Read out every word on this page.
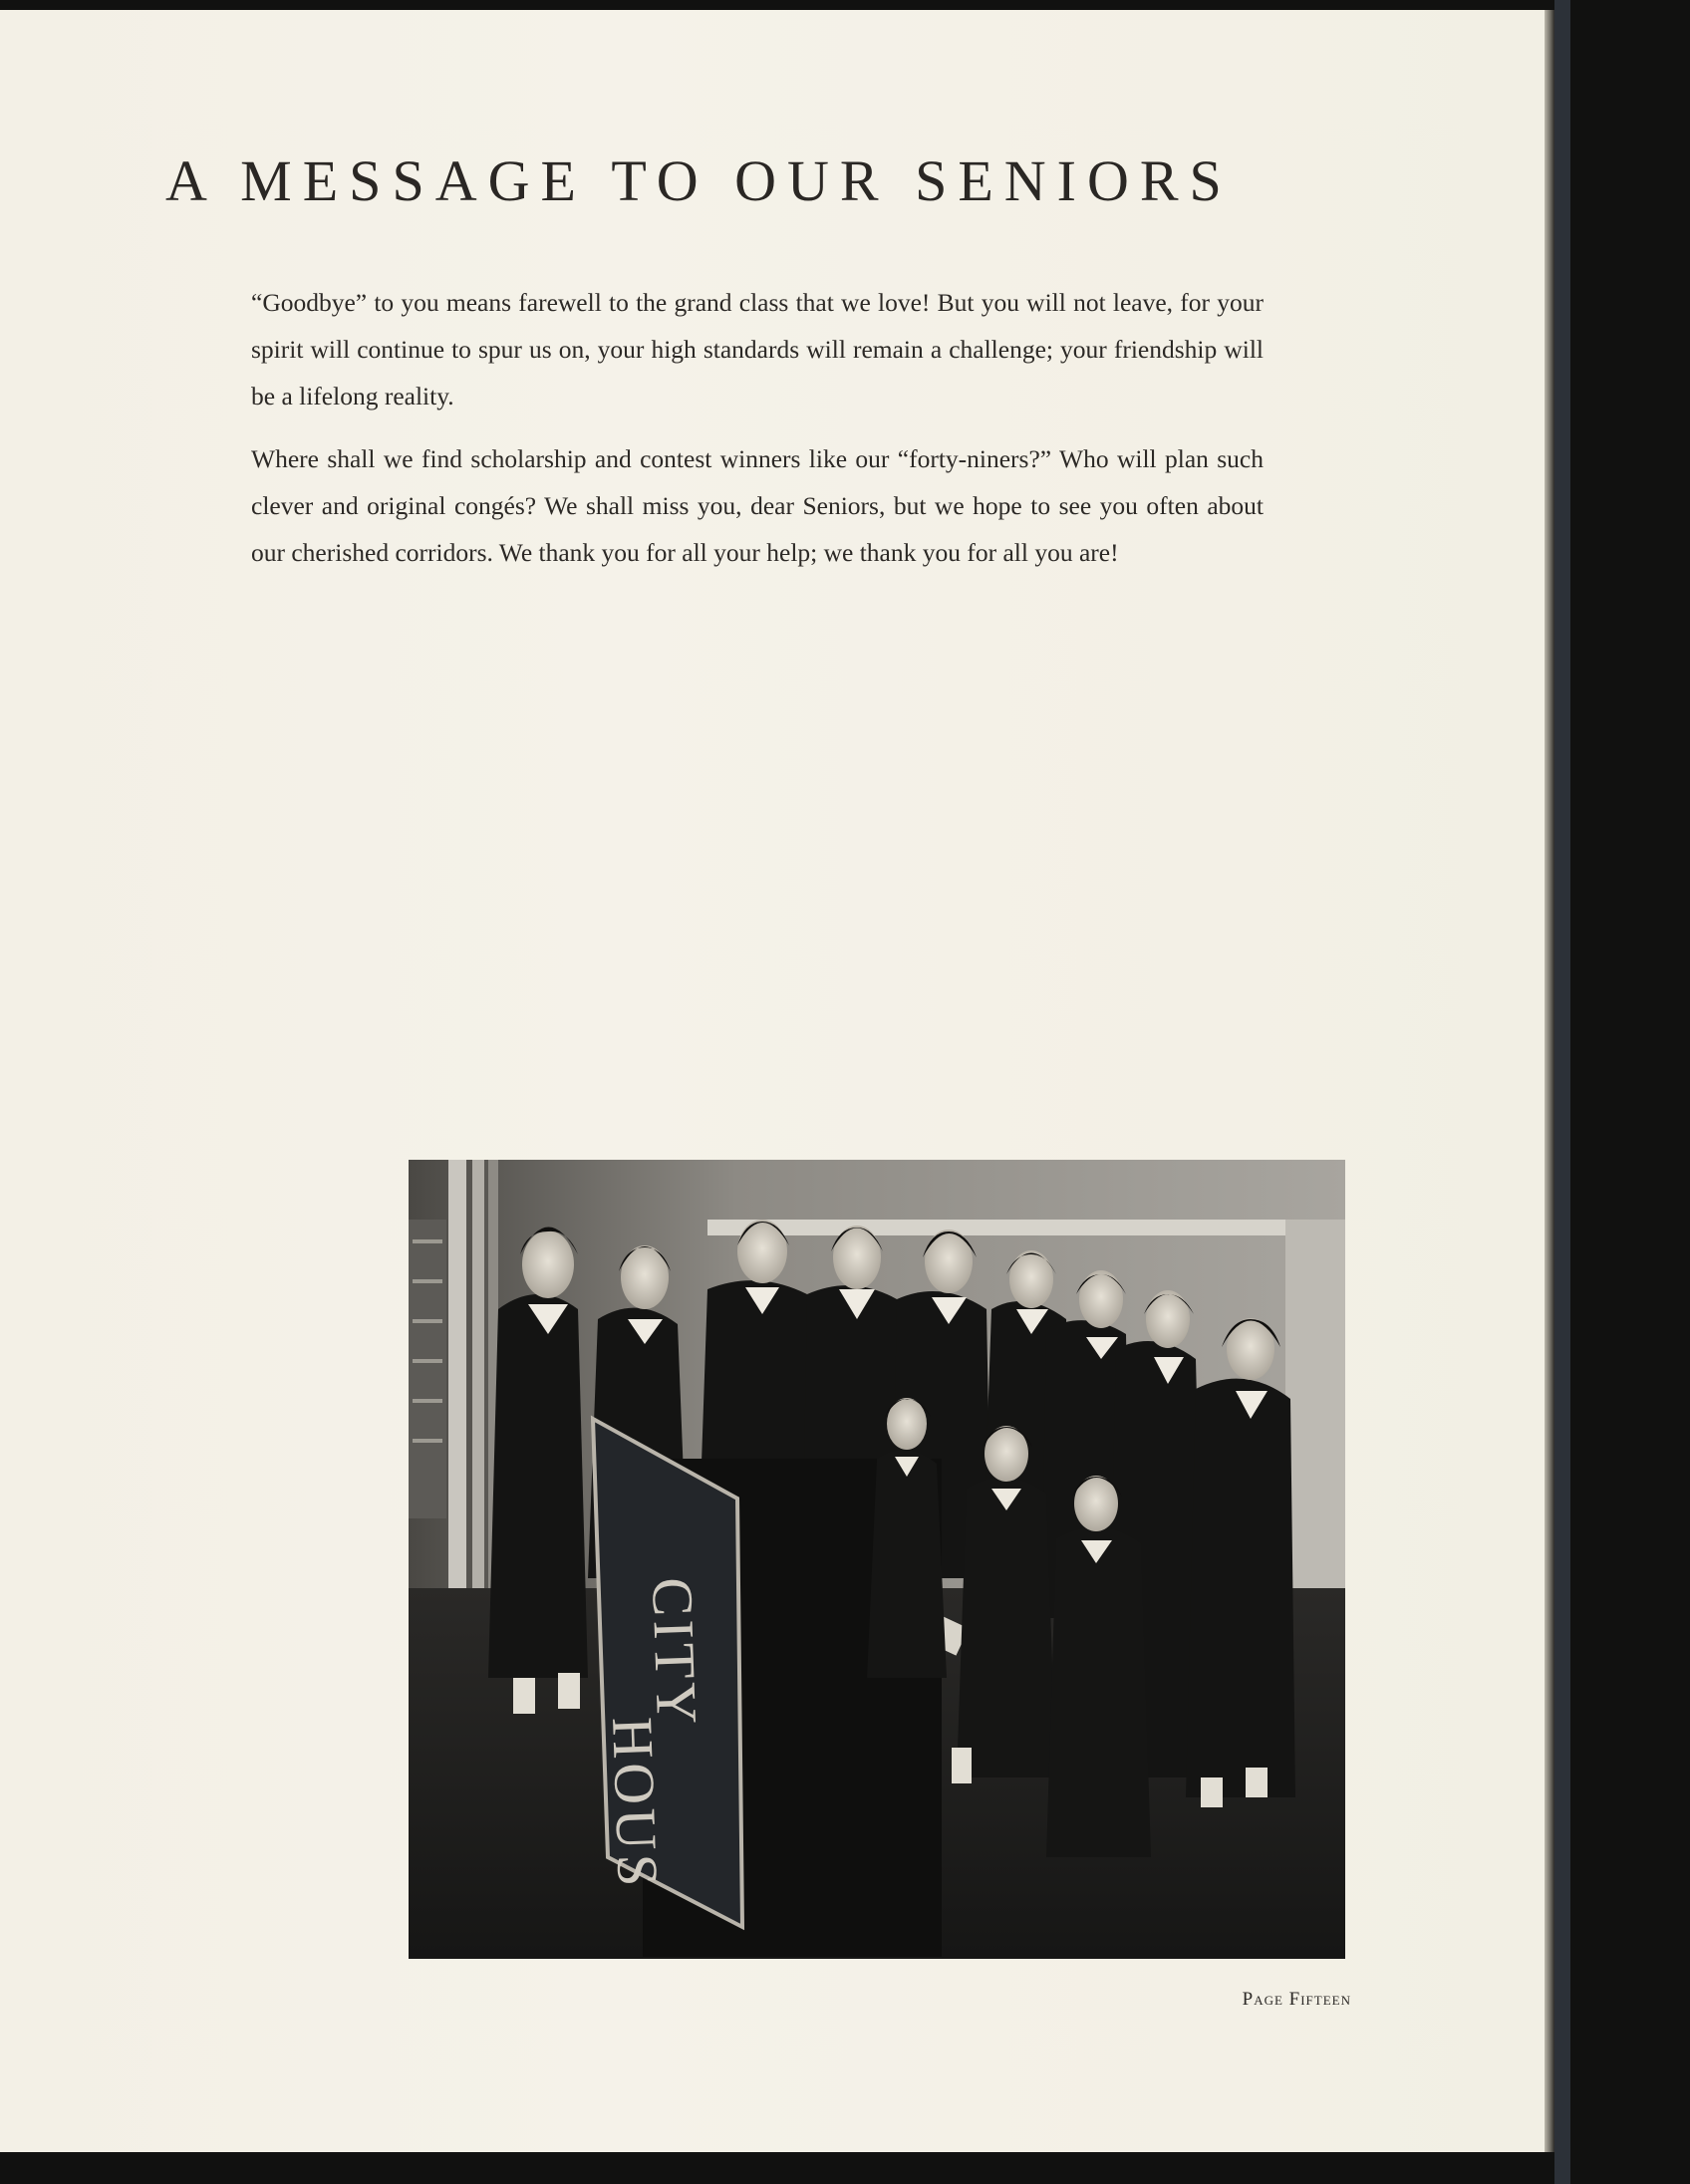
A MESSAGE TO OUR SENIORS

“Goodbye” to you means farewell to the grand class that we love! But you will not leave, for your spirit will continue to spur us on, your high standards will remain a challenge; your friendship will be a lifelong reality.

Where shall we find scholarship and contest winners like our “forty-niners?” Who will plan such clever and original congés? We shall miss you, dear Seniors, but we hope to see you often about our cherished corridors. We thank you for all your help; we thank you for all you are!

CITY
HOUS
Page Fifteen
